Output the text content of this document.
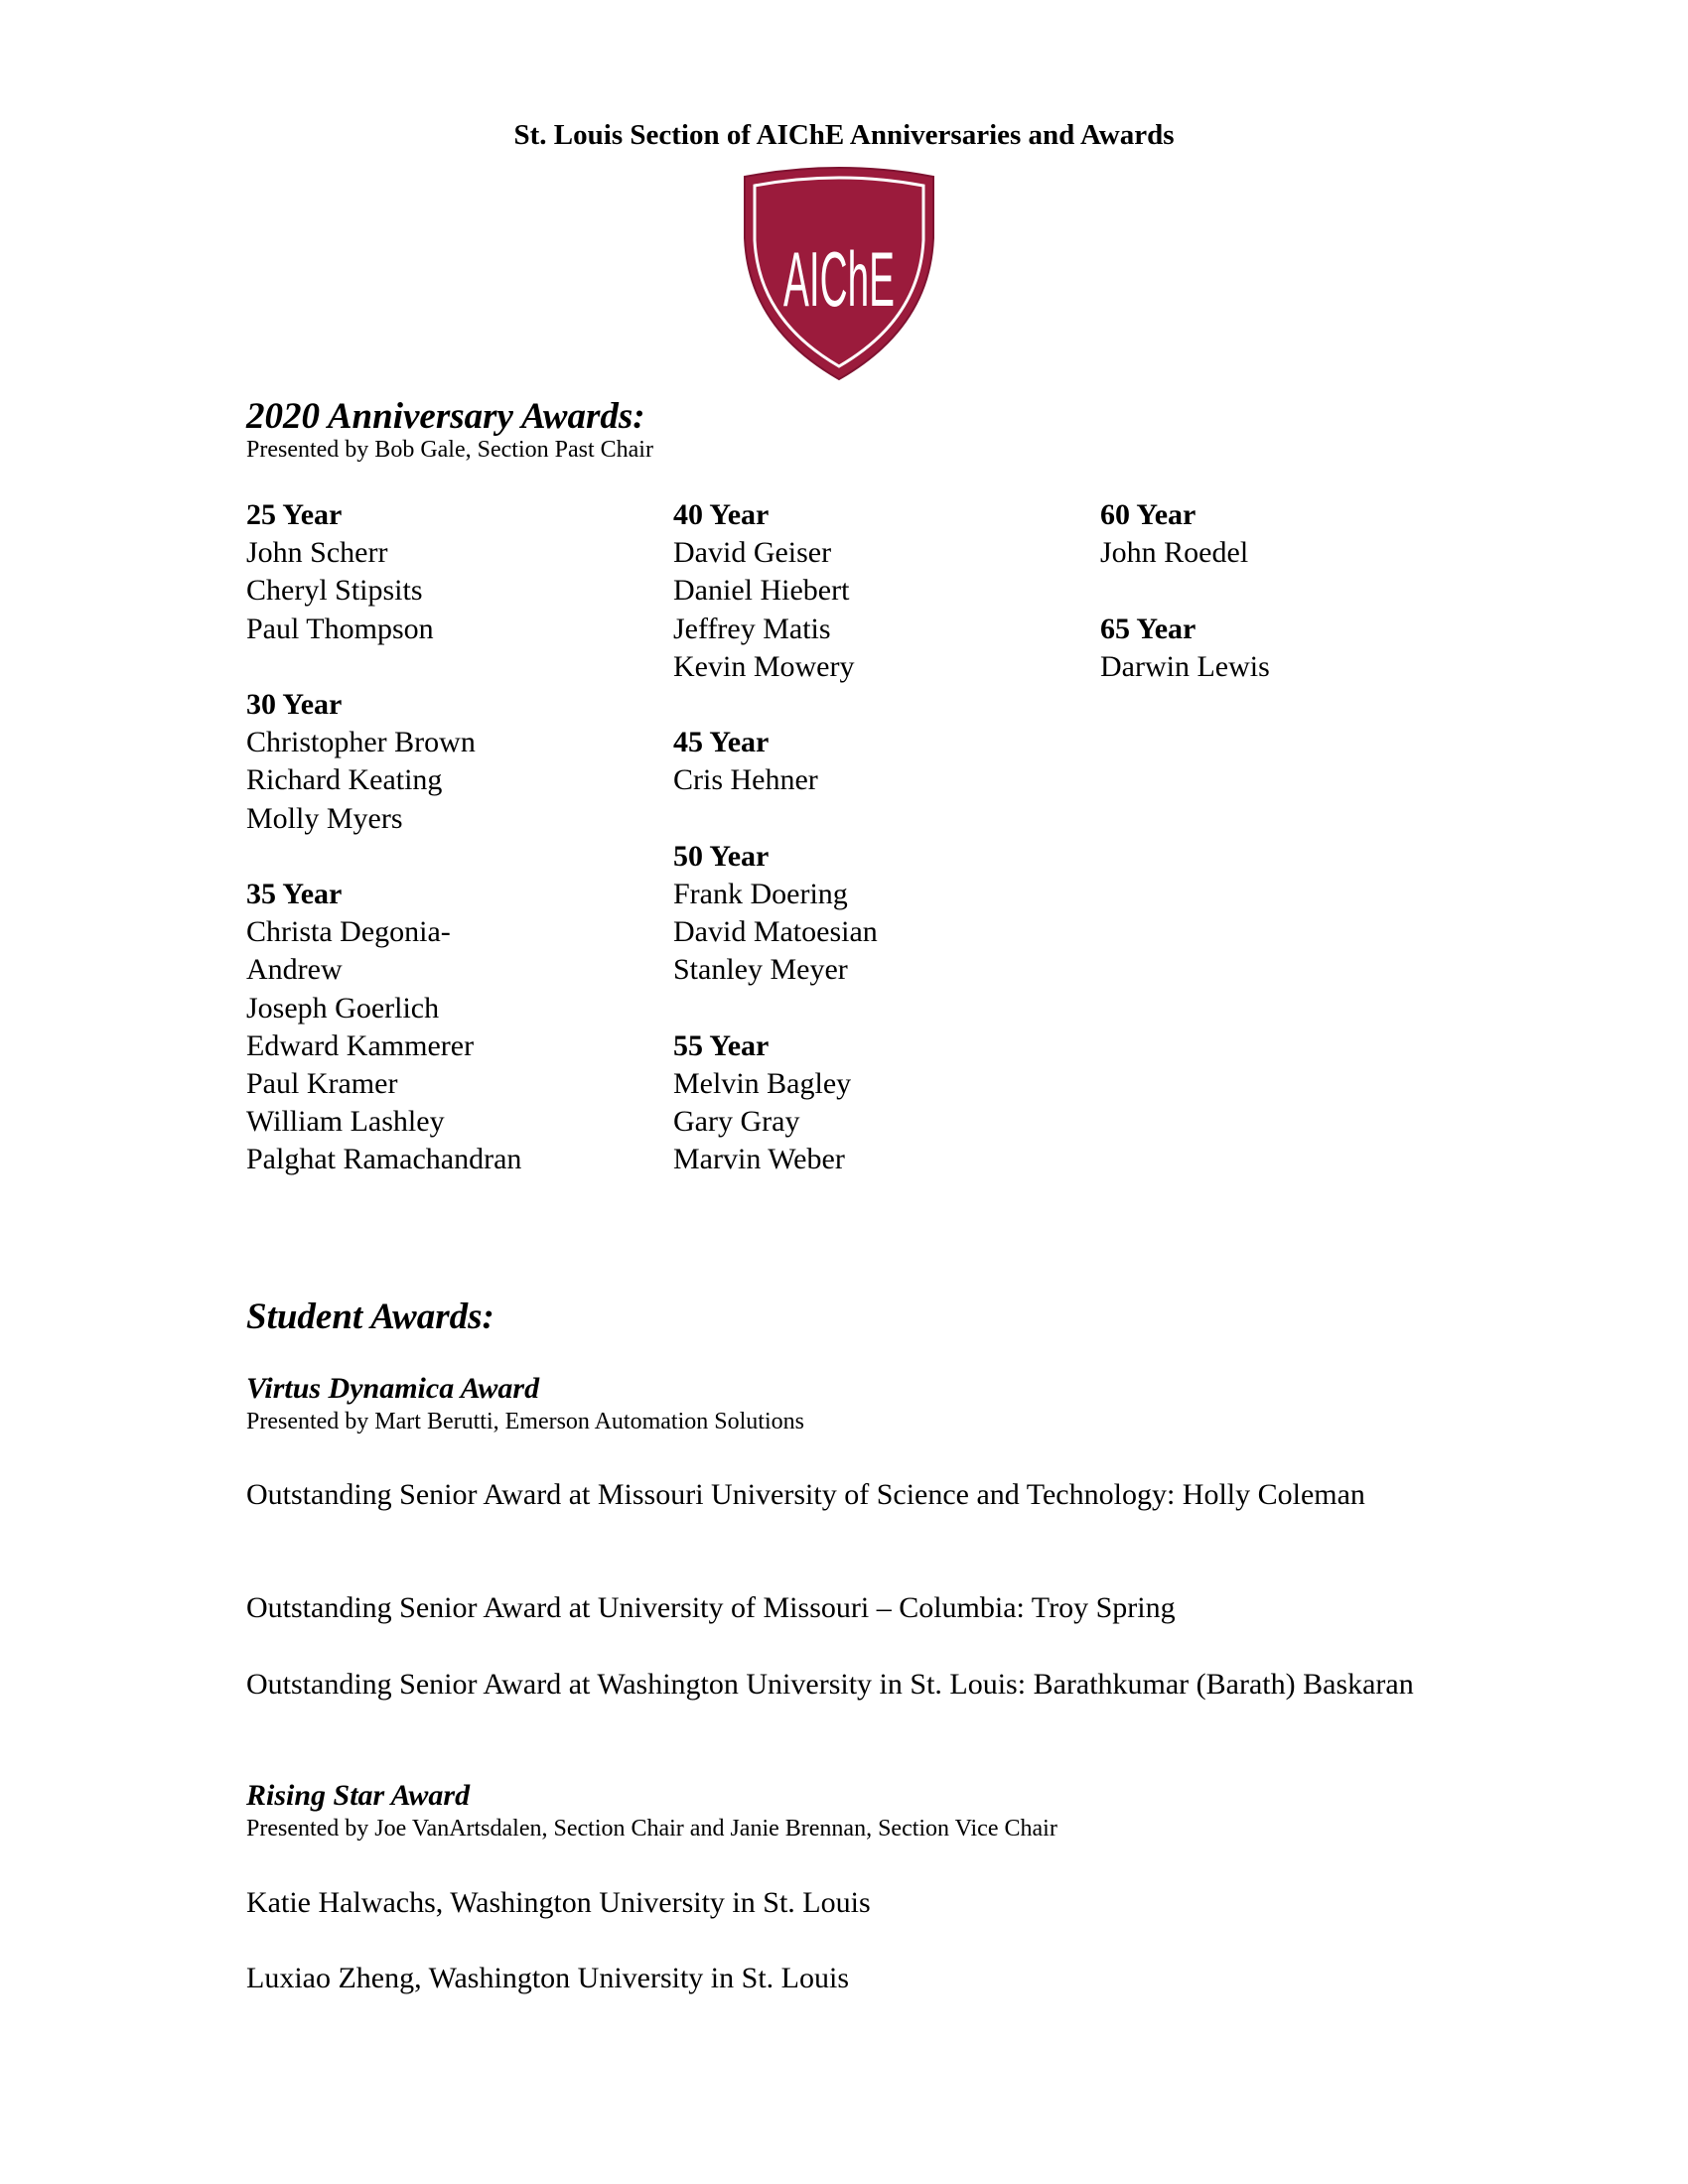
St. Louis Section of AIChE Anniversaries and Awards
AIChE
2020 Anniversary Awards:
Presented by Bob Gale, Section Past Chair
25 Year
John Scherr
Cheryl Stipsits
Paul Thompson
30 Year
Christopher Brown
Richard Keating
Molly Myers
35 Year
Christa Degonia-
Andrew
Joseph Goerlich
Edward Kammerer
Paul Kramer
William Lashley
Palghat Ramachandran
40 Year
David Geiser
Daniel Hiebert
Jeffrey Matis
Kevin Mowery
45 Year
Cris Hehner
50 Year
Frank Doering
David Matoesian
Stanley Meyer
55 Year
Melvin Bagley
Gary Gray
Marvin Weber
60 Year
John Roedel
65 Year
Darwin Lewis
Student Awards:
Virtus Dynamica Award
Presented by Mart Berutti, Emerson Automation Solutions
Outstanding Senior Award at Missouri University of Science and Technology: Holly Coleman
Outstanding Senior Award at University of Missouri – Columbia: Troy Spring
Outstanding Senior Award at Washington University in St. Louis: Barathkumar (Barath) Baskaran
Rising Star Award
Presented by Joe VanArtsdalen, Section Chair and Janie Brennan, Section Vice Chair
Katie Halwachs, Washington University in St. Louis
Luxiao Zheng, Washington University in St. Louis
